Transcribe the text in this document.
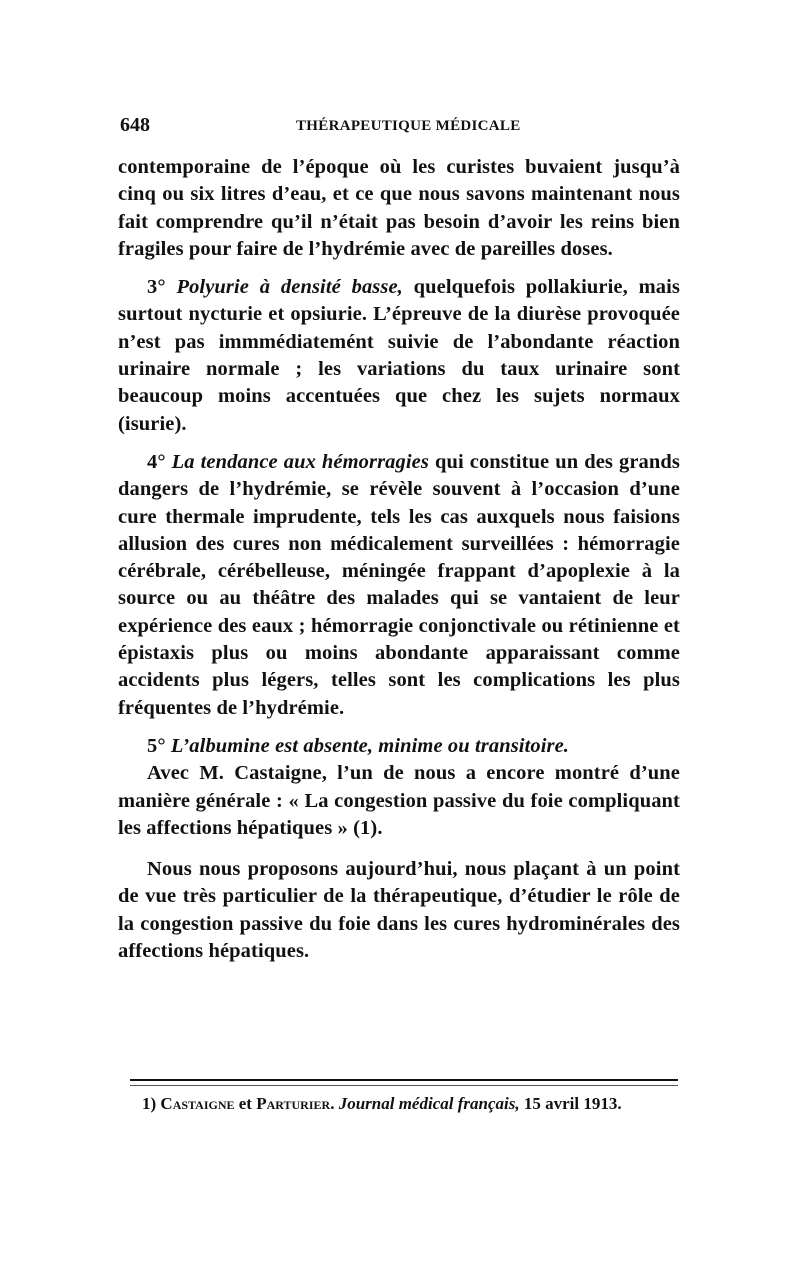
648	THÉRAPEUTIQUE MÉDICALE

contemporaine de l’époque où les curistes buvaient jusqu’à cinq ou six litres d’eau, et ce que nous savons maintenant nous fait comprendre qu’il n’était pas besoin d’avoir les reins bien fragiles pour faire de l’hydrémie avec de pareilles doses.

3° Polyurie à densité basse, quelquefois pollakiurie, mais surtout nycturie et opsiurie. L’épreuve de la diurèse provoquée n’est pas immmédiatemént suivie de l’abondante réaction urinaire normale ; les variations du taux urinaire sont beaucoup moins accentuées que chez les sujets normaux (isurie).

4° La tendance aux hémorragies qui constitue un des grands dangers de l’hydrémie, se révèle souvent à l’occasion d’une cure thermale imprudente, tels les cas auxquels nous faisions allusion des cures non médicalement surveillées : hémorragie cérébrale, cérébelleuse, méningée frappant d’apoplexie à la source ou au théâtre des malades qui se vantaient de leur expérience des eaux ; hémorragie conjonctivale ou rétinienne et épistaxis plus ou moins abondante apparaissant comme accidents plus légers, telles sont les complications les plus fréquentes de l’hydrémie.

5° L’albumine est absente, minime ou transitoire.

Avec M. Castaigne, l’un de nous a encore montré d’une manière générale : « La congestion passive du foie compliquant les affections hépatiques » (1).

Nous nous proposons aujourd’hui, nous plaçant à un point de vue très particulier de la thérapeutique, d’étudier le rôle de la congestion passive du foie dans les cures hydrominérales des affections hépatiques.

1) Castaigne et Parturier. Journal médical français, 15 avril 1913.
